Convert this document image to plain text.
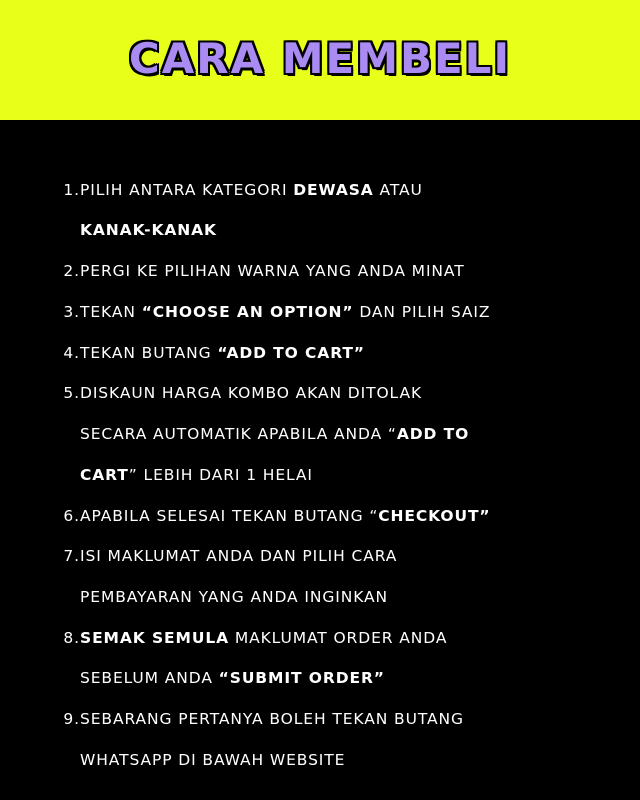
CARA MEMBELI
1. PILIH ANTARA KATEGORI DEWASA ATAU
KANAK-KANAK
2. PERGI KE PILIHAN WARNA YANG ANDA MINAT
3. TEKAN “CHOOSE AN OPTION” DAN PILIH SAIZ
4. TEKAN BUTANG “ADD TO CART”
5. DISKAUN HARGA KOMBO AKAN DITOLAK
SECARA AUTOMATIK APABILA ANDA “ADD TO
CART” LEBIH DARI 1 HELAI
6. APABILA SELESAI TEKAN BUTANG “CHECKOUT”
7. ISI MAKLUMAT ANDA DAN PILIH CARA
PEMBAYARAN YANG ANDA INGINKAN
8. SEMAK SEMULA MAKLUMAT ORDER ANDA
SEBELUM ANDA “SUBMIT ORDER”
9. SEBARANG PERTANYA BOLEH TEKAN BUTANG
WHATSAPP DI BAWAH WEBSITE
